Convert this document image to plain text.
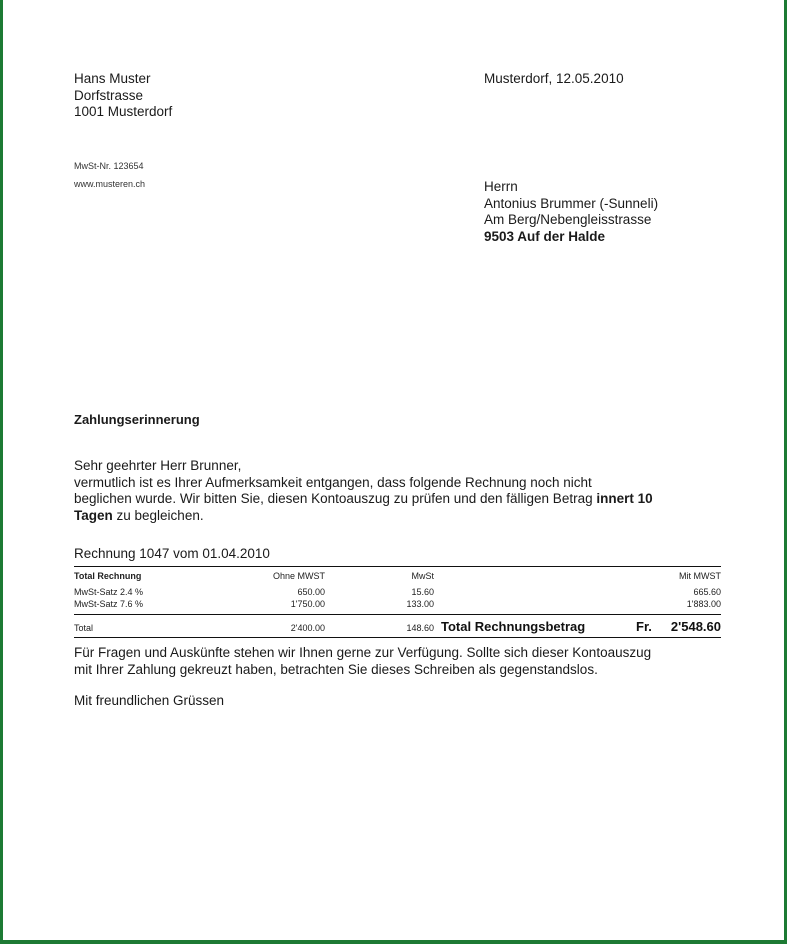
Hans Muster
Dorfstrasse
1001 Musterdorf
Musterdorf, 12.05.2010
MwSt-Nr. 123654
www.musteren.ch	Herrn
Antonius Brummer (-Sunneli)
Am Berg/Nebengleisstrasse
9503 Auf der Halde
Zahlungserinnerung

Sehr geehrter Herr Brunner,

vermutlich ist es Ihrer Aufmerksamkeit entgangen, dass folgende Rechnung noch nicht

beglichen wurde. Wir bitten Sie, diesen Kontoauszug zu prüfen und den fälligen Betrag innert 10

Tagen zu begleichen.

Rechnung 1047 vom 01.04.2010
Total Rechnung	Ohne MWST	MwSt	Mit MWST
MwSt-Satz 2.4 %	650.00	15.60	665.60
MwSt-Satz 7.6 %	1'750.00	133.00	1'883.00
Total	2'400.00	148.60 Total Rechnungsbetrag	Fr. 2'548.60
Für Fragen und Auskünfte stehen wir Ihnen gerne zur Verfügung. Sollte sich dieser Kontoauszug
mit Ihrer Zahlung gekreuzt haben, betrachten Sie dieses Schreiben als gegenstandslos.
Mit freundlichen Grüssen
